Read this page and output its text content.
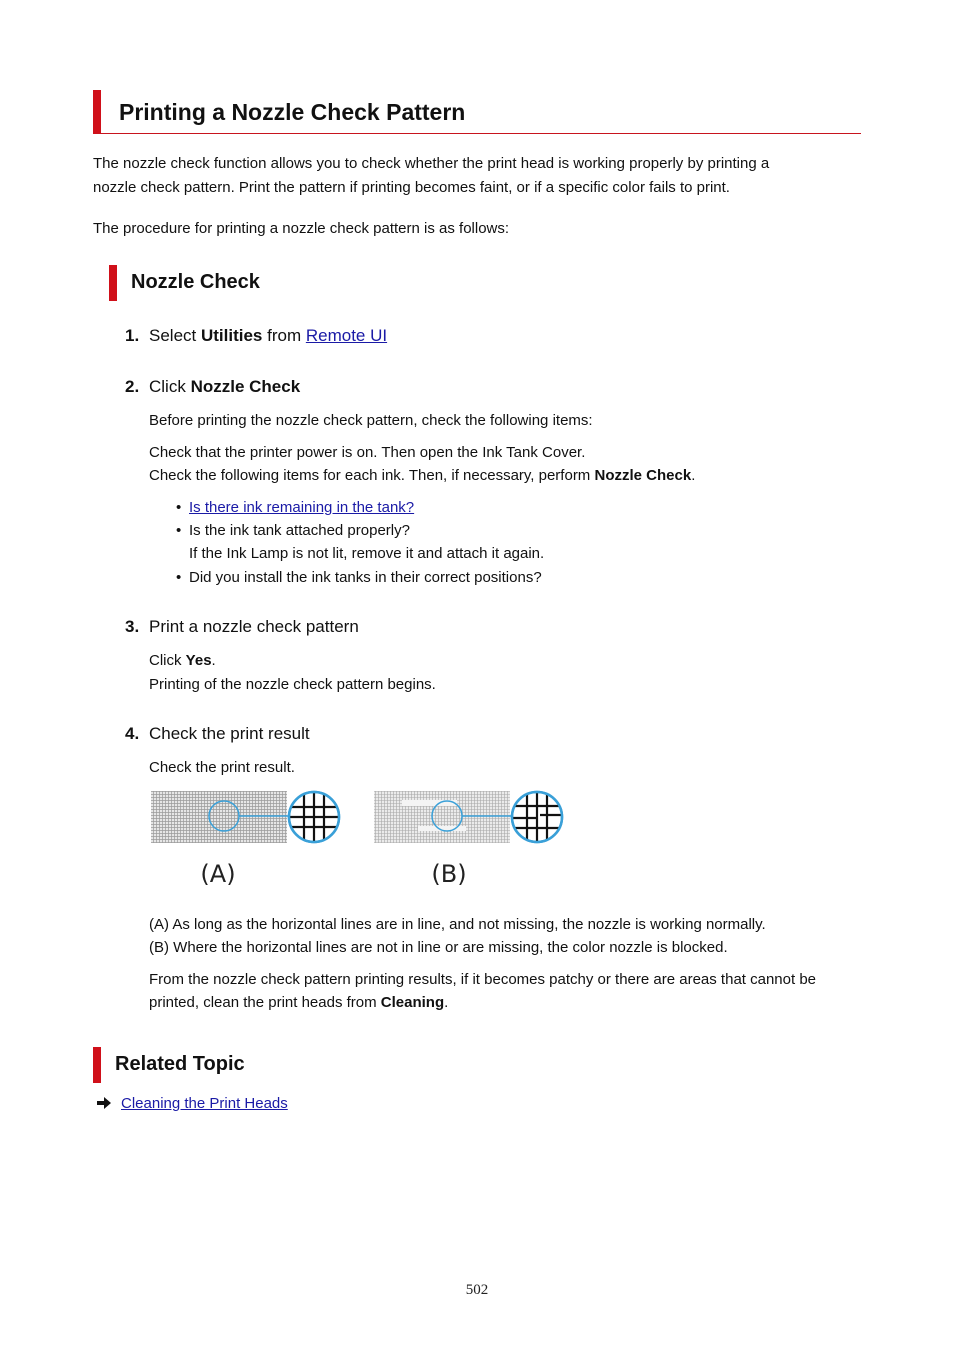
Printing a Nozzle Check Pattern
The nozzle check function allows you to check whether the print head is working properly by printing a
nozzle check pattern. Print the pattern if printing becomes faint, or if a specific color fails to print.
The procedure for printing a nozzle check pattern is as follows:
Nozzle Check
1. Select Utilities from Remote UI
2. Click Nozzle Check
Before printing the nozzle check pattern, check the following items:
Check that the printer power is on. Then open the Ink Tank Cover.
Check the following items for each ink. Then, if necessary, perform Nozzle Check.
• Is there ink remaining in the tank?
• Is the ink tank attached properly?
If the Ink Lamp is not lit, remove it and attach it again.
• Did you install the ink tanks in their correct positions?
3. Print a nozzle check pattern
Click Yes.
Printing of the nozzle check pattern begins.
4. Check the print result
Check the print result.
(A)	(B)
(A) As long as the horizontal lines are in line, and not missing, the nozzle is working normally.
(B) Where the horizontal lines are not in line or are missing, the color nozzle is blocked.
From the nozzle check pattern printing results, if it becomes patchy or there are areas that cannot be
printed, clean the print heads from Cleaning.
Related Topic
Cleaning the Print Heads
502
